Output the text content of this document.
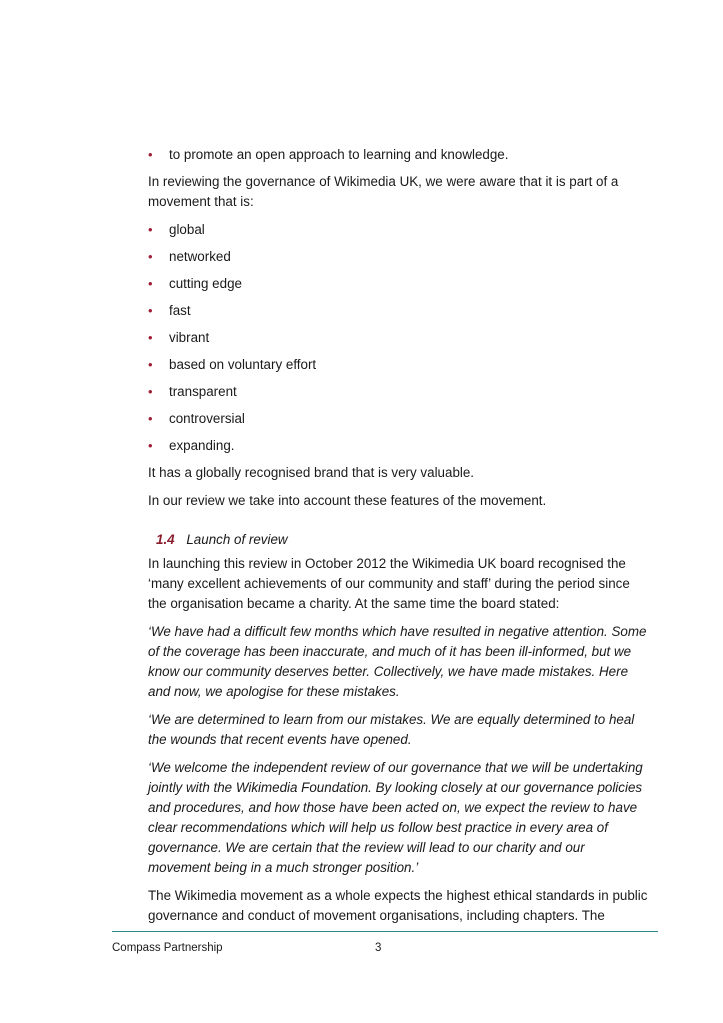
• to promote an open approach to learning and knowledge.

In reviewing the governance of Wikimedia UK, we were aware that it is part of a movement that is:

• global
• networked
• cutting edge
• fast
• vibrant
• based on voluntary effort
• transparent
• controversial
• expanding.

It has a globally recognised brand that is very valuable.

In our review we take into account these features of the movement.

1.4 Launch of review

In launching this review in October 2012 the Wikimedia UK board recognised the ‘many excellent achievements of our community and staff’ during the period since the organisation became a charity. At the same time the board stated:

‘We have had a difficult few months which have resulted in negative attention. Some of the coverage has been inaccurate, and much of it has been ill-informed, but we know our community deserves better. Collectively, we have made mistakes. Here and now, we apologise for these mistakes.

‘We are determined to learn from our mistakes. We are equally determined to heal the wounds that recent events have opened.

‘We welcome the independent review of our governance that we will be undertaking jointly with the Wikimedia Foundation. By looking closely at our governance policies and procedures, and how those have been acted on, we expect the review to have clear recommendations which will help us follow best practice in every area of governance. We are certain that the review will lead to our charity and our movement being in a much stronger position.’

The Wikimedia movement as a whole expects the highest ethical standards in public governance and conduct of movement organisations, including chapters. The

Compass Partnership	3
